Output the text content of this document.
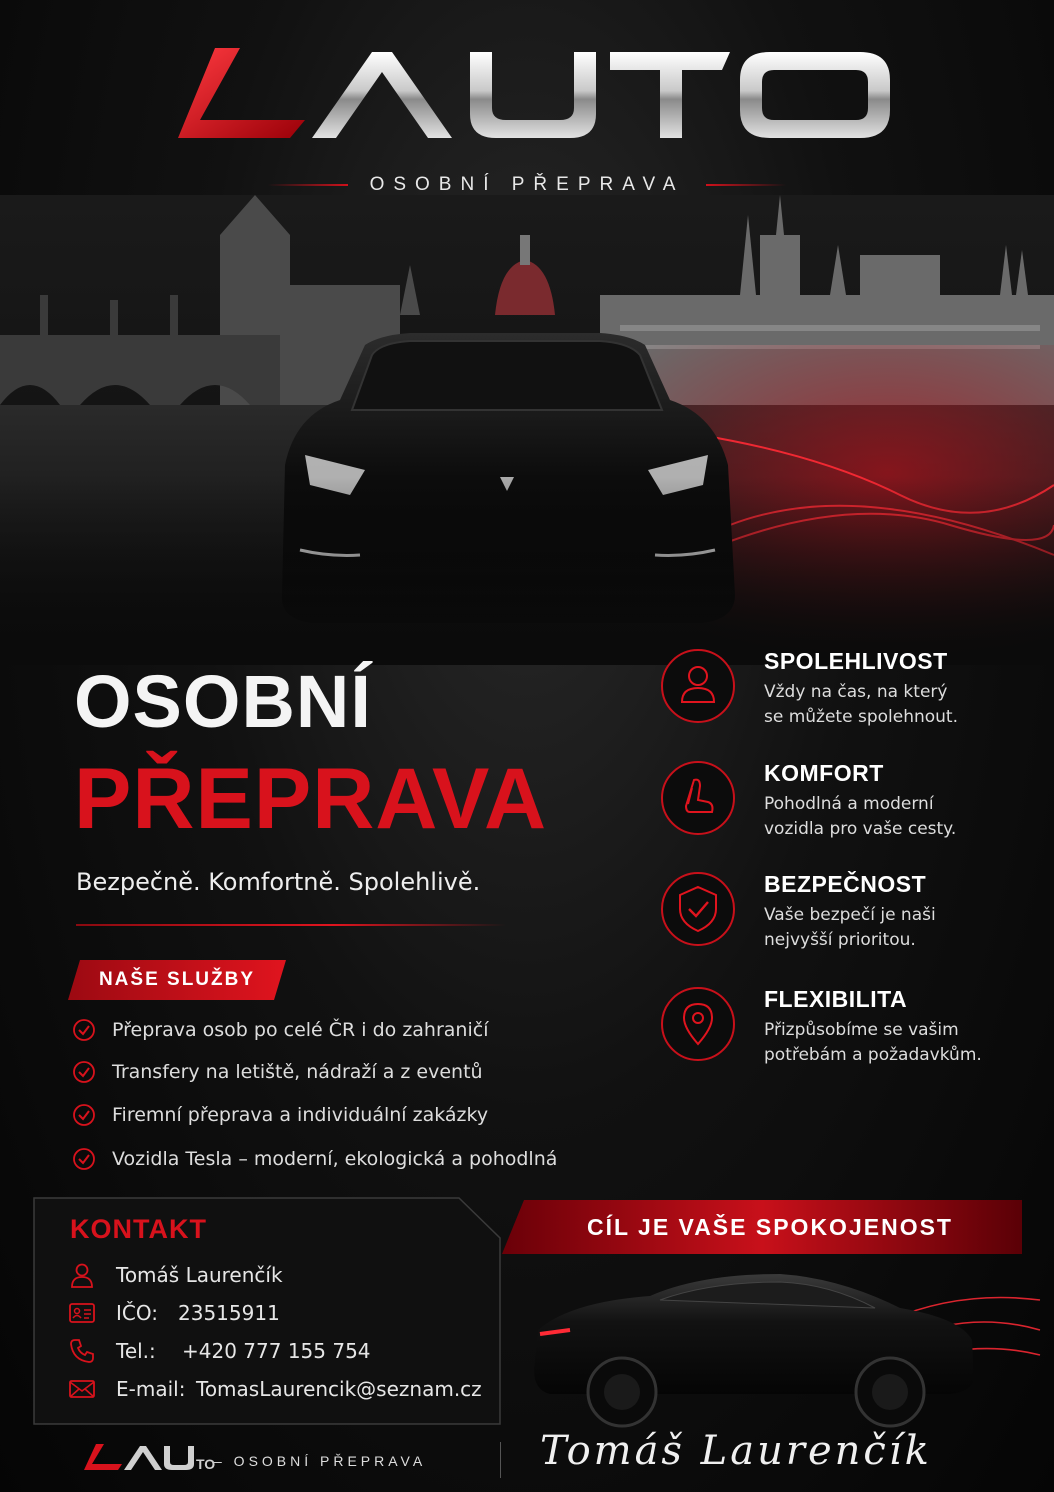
OSOBNÍ PŘEPRAVA
OSOBNÍ
PŘEPRAVA
Bezpečně. Komfortně. Spolehlivě.
NAŠE SLUŽBY
Přeprava osob po celé ČR i do zahraničí
Transfery na letiště, nádraží a z eventů
Firemní přeprava a individuální zakázky
Vozidla Tesla – moderní, ekologická a pohodlná
SPOLEHLIVOST
Vždy na čas, na který
se můžete spolehnout.
KOMFORT
Pohodlná a moderní
vozidla pro vaše cesty.
BEZPEČNOST
Vaše bezpečí je naši
nejvyšší prioritou.
FLEXIBILITA
Přizpůsobíme se vašim
potřebám a požadavkům.
KONTAKT
Tomáš Laurenčík
IČO:	23515911
Tel.:	+420 777 155 754
E-mail: TomasLaurencik@seznam.cz
CÍL JE VAŠE SPOKOJENOST
TO
– OSOBNÍ PŘEPRAVA	Tomáš Laurenčík
